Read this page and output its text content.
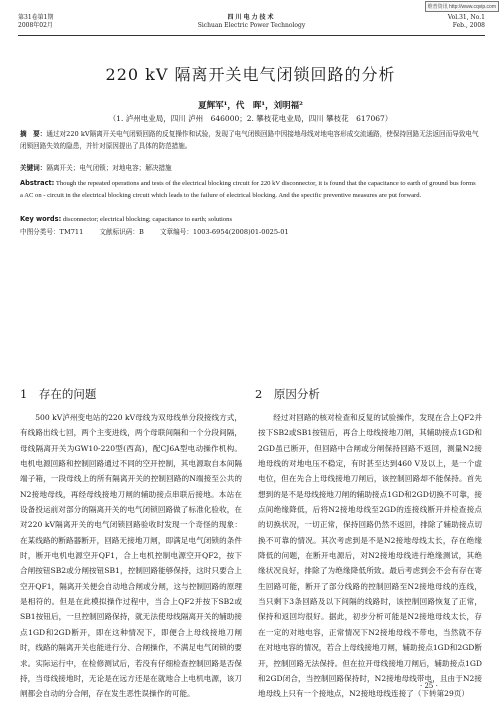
维普资讯 http://www.cqvip.com
第31卷第1期
2008年02月
四川电力技术
Sichuan Electric Power Technology
Vol.31, No.1
Feb., 2008
220 kV 隔离开关电气闭锁回路的分析
夏辉军¹，代　晖¹，刘明福²
（1. 泸州电业局，四川 泸州　646000；2. 攀枝花电业局，四川 攀枝花　617067）
摘　要：通过对220 kV隔离开关电气闭锁回路的反复操作和试验，发现了电气闭锁回路中因接地母线对地电容形成交流通路，使保持回路无法返回而导致电气闭锁回路失效的隐患，并针对原因提出了具体的防范措施。
关键词：隔离开关；电气闭锁；对地电容；解决措施
Abstract: Though the repeated operations and tests of the electrical blocking circuit for 220 kV disconnector, it is found that the capacitance to earth of ground bus forms a AC on - circuit in the electrical blocking circuit which leads to the failure of electrical blocking. And the specific preventive measures are put forward.
Key words: disconnector; electrical blocking; capacitance to earth; solutions
中图分类号：TM711 文献标识码：B 文章编号：1003-6954(2008)01-0025-01
1　存在的问题	2　原因分析
500 kV泸州变电站的220 kV母线为双母线单分段接线方式，有线路出线七回，两个主变进线，两个母联间隔和一个分段间隔，母线隔离开关为GW10-220型(西高)，配CJ6A型电动操作机构。电机电源回路和控制回路通过不同的空开控制，其电源取自本间隔端子箱，一段母线上的所有隔离开关的控制回路的N端接至公共的N2接地母线，再经母线接地刀闸的辅助接点串联后接地。本站在设备投运前对部分的隔离开关的电气闭锁回路做了标准化验收，在对220 kV隔离开关的电气闭锁回路验收时发现一个奇怪的现象：在某线路的断路器断开，回路无接地刀闸，即满足电气闭锁的条件时，断开电机电源空开QF1，合上电机控制电源空开QF2，按下合闸按钮SB2或分闸按钮SB1，控制回路能够保持，这时只要合上空开QF1，隔离开关便会自动地合闸或分闸，这与控制回路的原理是相符的。但是在此模拟操作过程中，当合上QF2并按下SB2或SB1按钮后，一旦控制回路保持，就无法使母线隔离开关的辅助接点1GD和2GD断开，即在这种情况下，即便合上母线接地刀闸时，线路的隔离开关也能进行分、合闸操作，不满足电气闭锁的要求。实际运行中，在检修测试后，若没有仔细检查控制回路是否保持，当母线接地时，无论是在远方还是在就地合上电机电源，该刀闸都会自动的分合闸，存在发生恶性误操作的可能。
经过对回路的核对检查和反复的试验操作，发现在合上QF2并按下SB2或SB1按钮后，再合上母线接地刀闸，其辅助接点1GD和2GD虽已断开，但回路中合闸或分闸保持回路不返回，测量N2接地母线的对地电压不稳定，有时甚至达到460 V及以上，是一个虚电位，但在先合上母线接地刀闸后，该控制回路却不能保持。首先想到的是不是母线接地刀闸的辅助接点1GD和2GD切换不可靠，接点间绝缘降低，后将N2接地母线至2GD的连接线断开并检查接点的切换状况，一切正常，保持回路仍然不返回，排除了辅助接点切换不可靠的情况。其次考虑到是不是N2接地母线太长，存在绝缘降低的问题，在断开电源后，对N2接地母线进行绝缘测试，其绝缘状况良好，排除了为绝缘降低所致。最后考虑到会不会有存在寄生回路可能，断开了部分线路的控制回路至N2接地母线的连线，当只剩下3条回路及以下间隔的线路时，该控制回路恢复了正常，保持和返回均很好。据此，初步分析可能是N2接地母线太长，存在一定的对地电容，正常情况下N2接地母线不带电，当然就不存在对地电容的情况，若合上母线接地刀闸，辅助接点1GD和2GD断开，控制回路无法保持。但在拉开母线接地刀闸后，辅助接点1GD和2GD闭合，当控制回路保持时，N2接地母线带电，且由于N2接地母线上只有一个接地点，N2接地母线连接了（下转第29页）
· 25 ·
